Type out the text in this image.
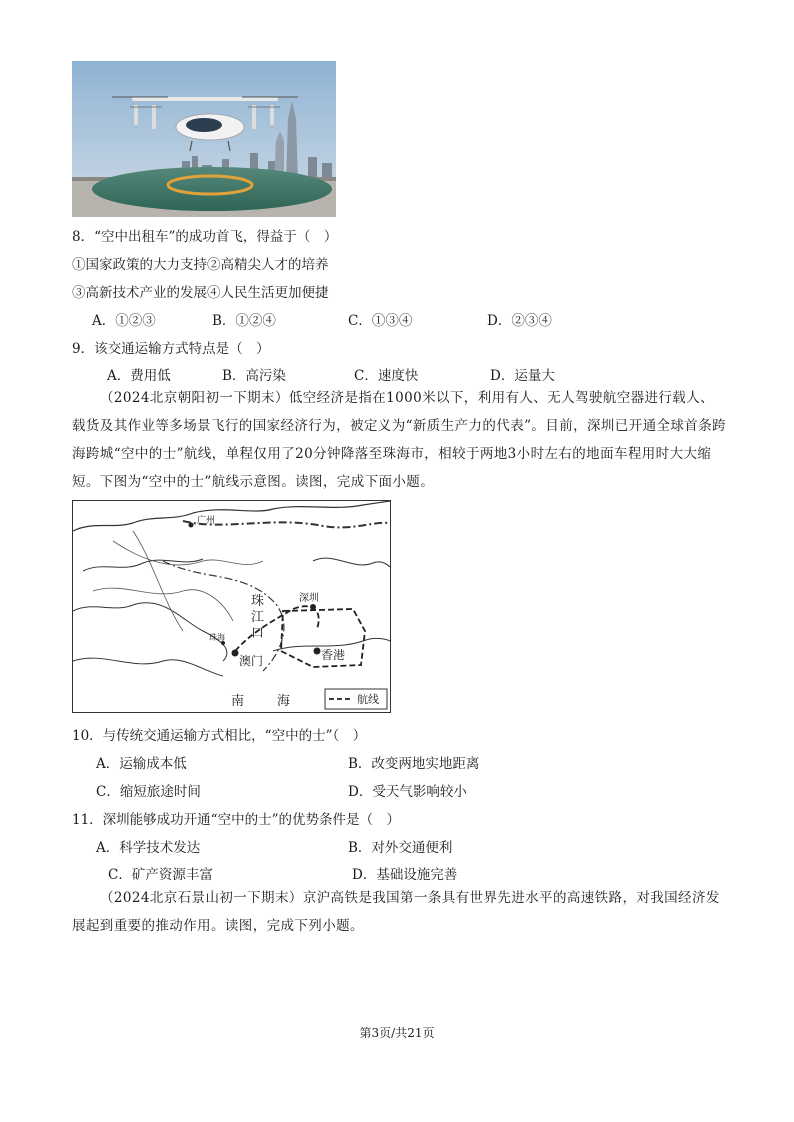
8．“空中出租车”的成功首飞，得益于（　）
①国家政策的大力支持②高精尖人才的培养
③高新技术产业的发展④人民生活更加便捷
A．①②③	B．①②④	C．①③④	D．②③④
9．该交通运输方式特点是（　）
A．费用低	B．高污染	C．速度快	D．运量大
（2024北京朝阳初一下期末）低空经济是指在1000米以下，利用有人、无人驾驶航空器进行载人、载货及其作业等多场景飞行的国家经济行为，被定义为“新质生产力的代表”。目前，深圳已开通全球首条跨海跨城“空中的士”航线，单程仅用了20分钟降落至珠海市，相较于两地3小时左右的地面车程用时大大缩短。下图为“空中的士”航线示意图。读图，完成下面小题。
广州
珠
江
口
深圳
澳门	香港
珠海
南	海	航线
10．与传统交通运输方式相比，“空中的士”（　）
A．运输成本低	B．改变两地实地距离
C．缩短旅途时间	D．受天气影响较小
11．深圳能够成功开通“空中的士”的优势条件是（　）
A．科学技术发达	B．对外交通便利
C．矿产资源丰富	D．基础设施完善
（2024北京石景山初一下期末）京沪高铁是我国第一条具有世界先进水平的高速铁路，对我国经济发展起到重要的推动作用。读图，完成下列小题。
第3页/共21页
